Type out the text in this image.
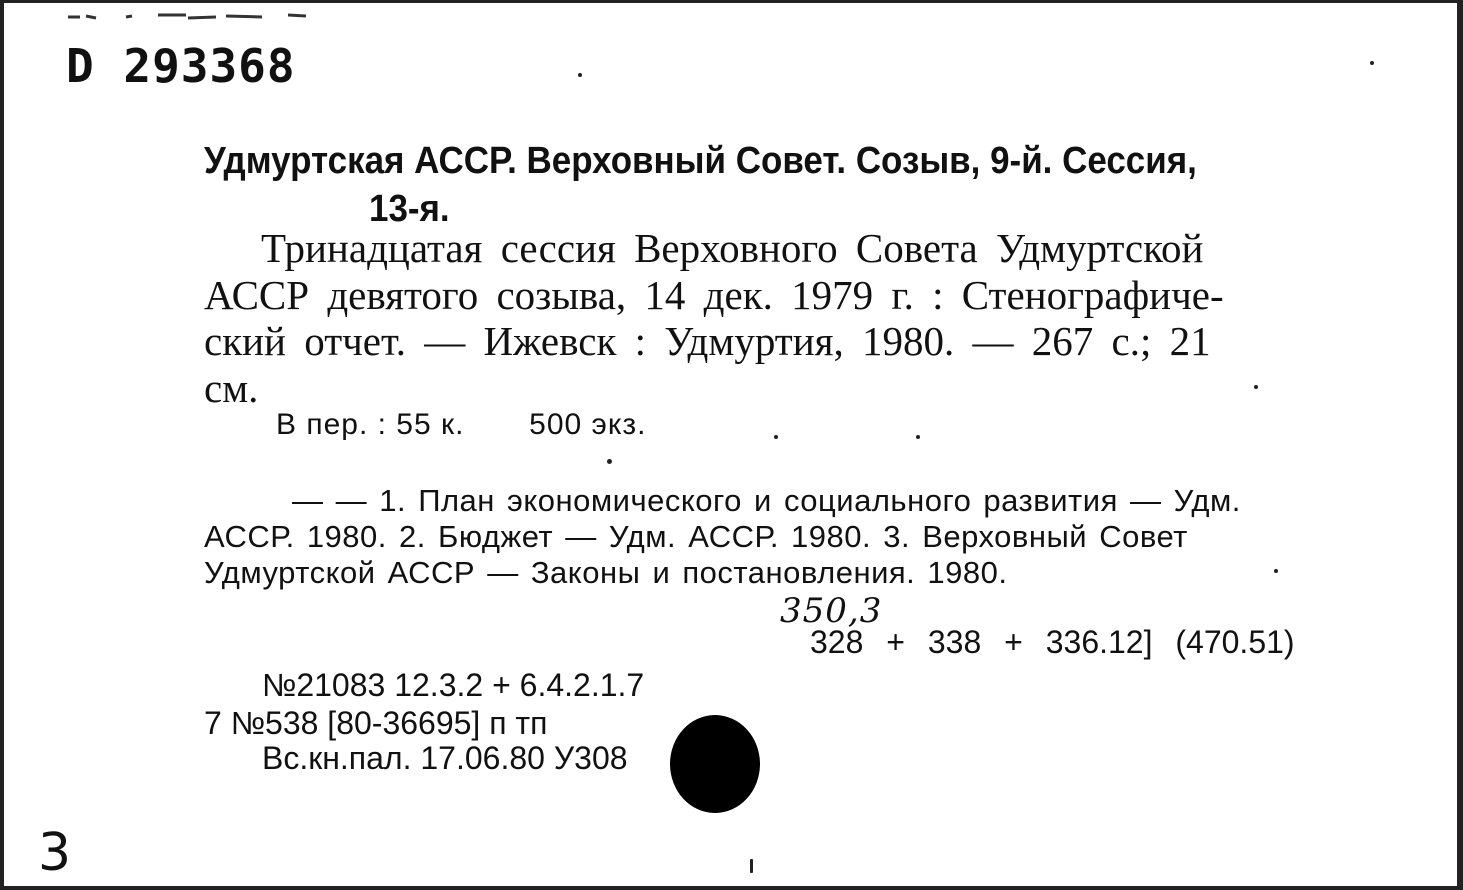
D 293368
Удмуртская АССР. Верховный Совет. Созыв, 9-й. Сессия,
13-я.
Тринадцатая сессия Верховного Совета Удмуртской
АССР девятого созыва, 14 дек. 1979 г. : Стенографиче-
ский отчет. — Ижевск : Удмуртия, 1980. — 267 с.; 21
см.
В пер. : 55 к. 500 экз.
— — 1. План экономического и социального развития — Удм.
АССР. 1980. 2. Бюджет — Удм. АССР. 1980. 3. Верховный Совет
Удмуртской АССР — Законы и постановления. 1980.
350,3
328 + 338 + 336.12] (470.51)
№21083 12.3.2 + 6.4.2.1.7
7 №538 [80-36695] п тп
Вс.кн.пал. 17.06.80 У308
3
